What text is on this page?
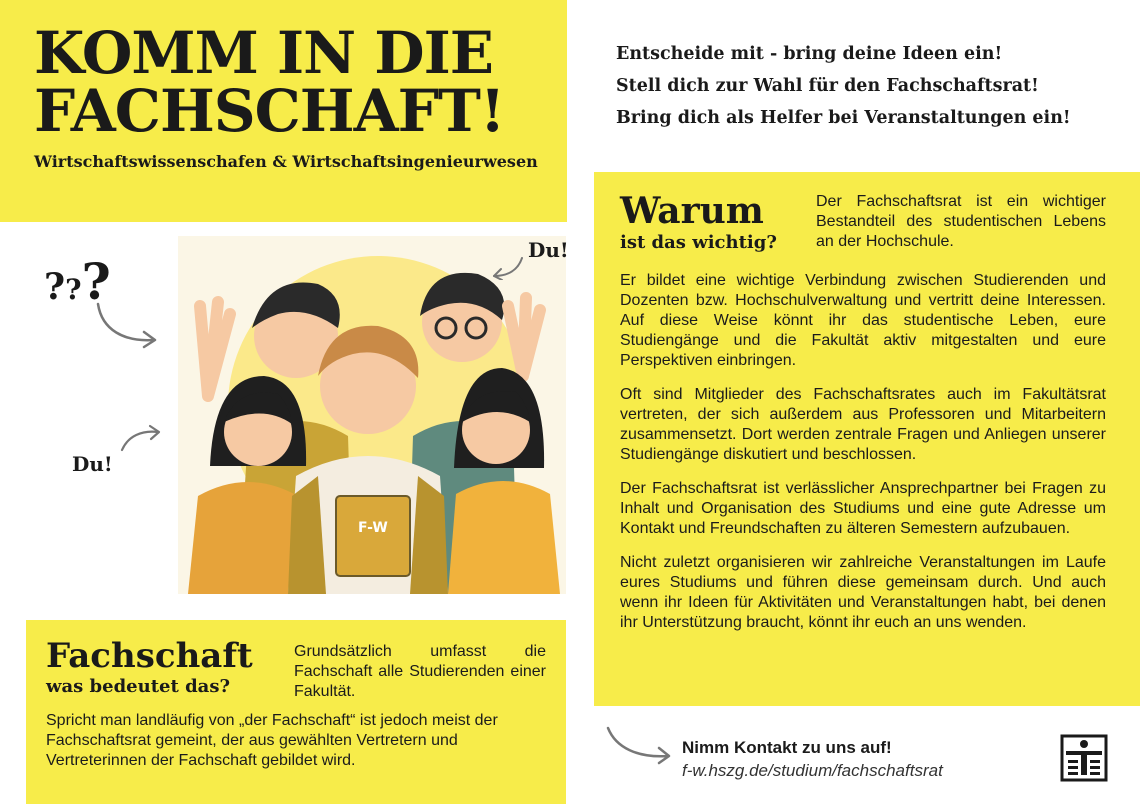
KOMM IN DIE
FACHSCHAFT!
Wirtschaftswissenschafen & Wirtschaftsingenieurwesen
???
Du!
F-W
Du!
Fachschaft
was bedeutet das?
Grundsätzlich umfasst die Fachschaft alle Studierenden einer Fakultät.
Spricht man landläufig von „der Fachschaft“ ist jedoch meist der Fachschaftsrat gemeint, der aus gewählten Vertretern und Vertreterinnen der Fachschaft gebildet wird.
Entscheide mit - bring deine Ideen ein!
Stell dich zur Wahl für den Fachschaftsrat!
Bring dich als Helfer bei Veranstaltungen ein!
Warum
ist das wichtig?
Der Fachschaftsrat ist ein wichtiger Bestandteil des studentischen Lebens an der Hochschule.
Er bildet eine wichtige Verbindung zwischen Studierenden und Dozenten bzw. Hochschulverwaltung und vertritt deine Interessen. Auf diese Weise könnt ihr das studentische Leben, eure Studiengänge und die Fakultät aktiv mitgestalten und eure Perspektiven einbringen.
Oft sind Mitglieder des Fachschaftsrates auch im Fakultätsrat vertreten, der sich außerdem aus Professoren und Mitarbeitern zusammensetzt. Dort werden zentrale Fragen und Anliegen unserer Studiengänge diskutiert und beschlossen.
Der Fachschaftsrat ist verlässlicher Ansprechpartner bei Fragen zu Inhalt und Organisation des Studiums und eine gute Adresse um Kontakt und Freundschaften zu älteren Semestern aufzubauen.
Nicht zuletzt organisieren wir zahlreiche Veranstaltungen im Laufe eures Studiums und führen diese gemeinsam durch. Und auch wenn ihr Ideen für Aktivitäten und Veranstaltungen habt, bei denen ihr Unterstützung braucht, könnt ihr euch an uns wenden.
Nimm Kontakt zu uns auf!
f-w.hszg.de/studium/fachschaftsrat
